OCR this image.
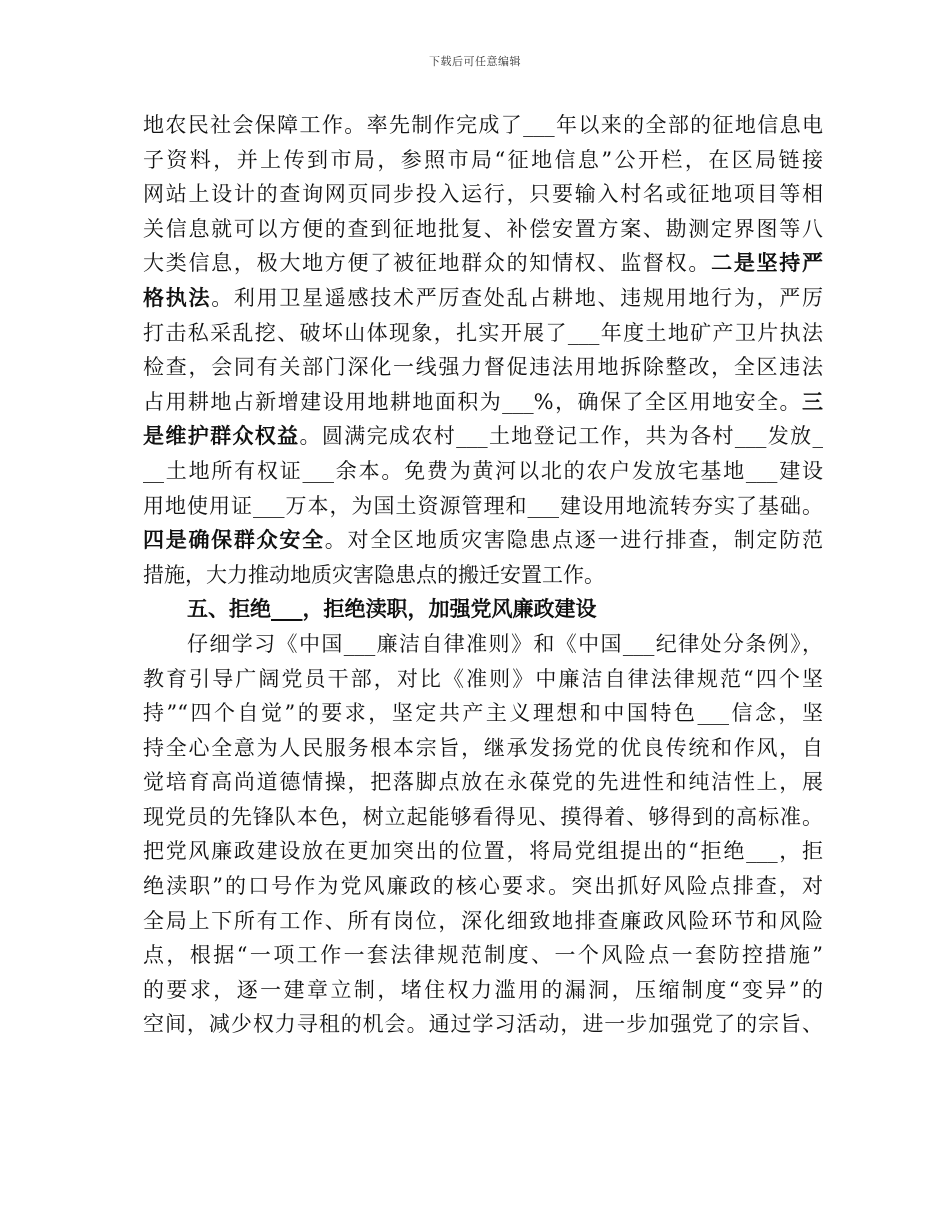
下载后可任意编辑
地农民社会保障工作。率先制作完成了___年以来的全部的征地信息电
子资料，并上传到市局，参照市局“征地信息”公开栏，在区局链接
网站上设计的查询网页同步投入运行，只要输入村名或征地项目等相
关信息就可以方便的查到征地批复、补偿安置方案、勘测定界图等八
大类信息，极大地方便了被征地群众的知情权、监督权。二是坚持严
格执法。利用卫星遥感技术严厉查处乱占耕地、违规用地行为，严厉
打击私采乱挖、破坏山体现象，扎实开展了___年度土地矿产卫片执法
检查，会同有关部门深化一线强力督促违法用地拆除整改，全区违法
占用耕地占新增建设用地耕地面积为___%，确保了全区用地安全。三
是维护群众权益。圆满完成农村___土地登记工作，共为各村___发放_
__土地所有权证___余本。免费为黄河以北的农户发放宅基地___建设
用地使用证___万本，为国土资源管理和___建设用地流转夯实了基础。
四是确保群众安全。对全区地质灾害隐患点逐一进行排查，制定防范
措施，大力推动地质灾害隐患点的搬迁安置工作。
五、拒绝___，拒绝渎职，加强党风廉政建设
仔细学习《中国___廉洁自律准则》和《中国___纪律处分条例》，
教育引导广阔党员干部，对比《准则》中廉洁自律法律规范“四个坚
持”“四个自觉”的要求，坚定共产主义理想和中国特色___信念，坚
持全心全意为人民服务根本宗旨，继承发扬党的优良传统和作风，自
觉培育高尚道德情操，把落脚点放在永葆党的先进性和纯洁性上，展
现党员的先锋队本色，树立起能够看得见、摸得着、够得到的高标准。
把党风廉政建设放在更加突出的位置，将局党组提出的“拒绝___，拒
绝渎职”的口号作为党风廉政的核心要求。突出抓好风险点排查，对
全局上下所有工作、所有岗位，深化细致地排查廉政风险环节和风险
点，根据“一项工作一套法律规范制度、一个风险点一套防控措施”
的要求，逐一建章立制，堵住权力滥用的漏洞，压缩制度“变异”的
空间，减少权力寻租的机会。通过学习活动，进一步加强党了的宗旨、
